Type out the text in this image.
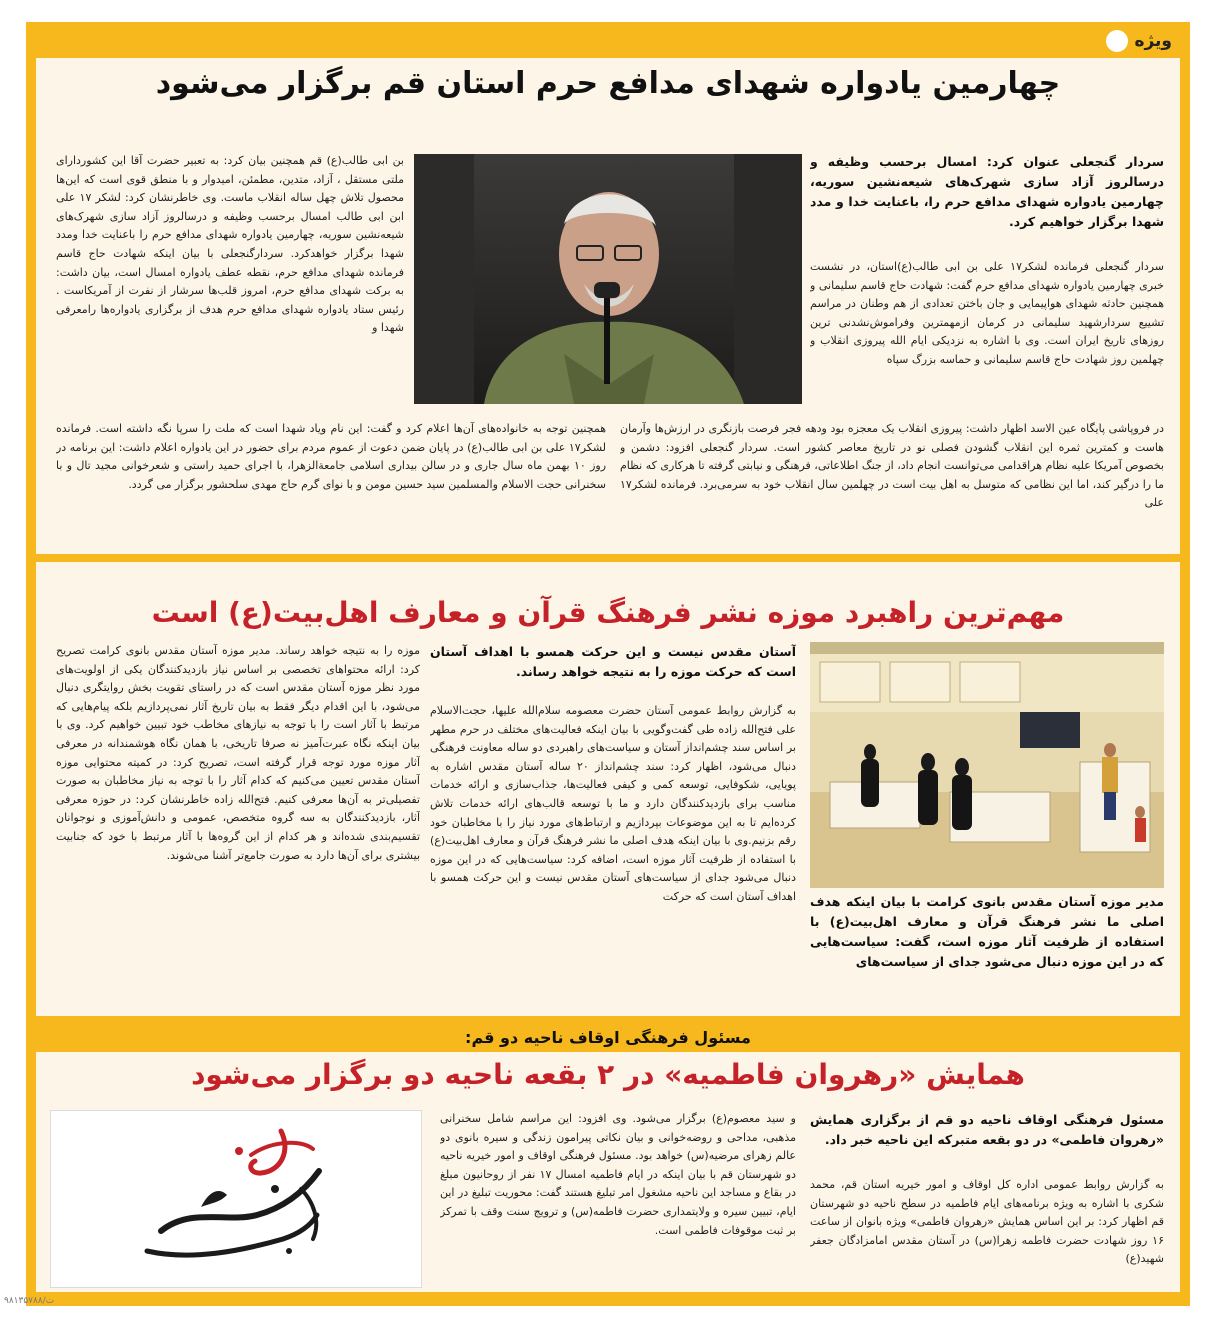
ویژه
چهارمین یادواره شهدای مدافع حرم استان قم برگزار می‌شود
سردار گنجعلی عنوان کرد: امسال برحسب وظیفه و درسالروز آزاد سازی شهرک‌های شیعه‌نشین سوریه، چهارمین یادواره شهدای مدافع حرم را، باعنایت خدا و مدد شهدا برگزار خواهیم کرد.
سردار گنجعلی فرمانده لشکر۱۷ علی بن ابی طالب(ع)استان، در نشست خبری چهارمین یادواره شهدای مدافع حرم گفت: شهادت حاج قاسم سلیمانی و همچنین حادثه شهدای هواپیمایی و جان باختن تعدادی از هم وطنان در مراسم تشییع سردارشهید سلیمانی در کرمان ازمهمترین وفراموش‌نشدنی ترین روزهای تاریخ ایران است. وی با اشاره به نزدیکی ایام الله پیروزی انقلاب و چهلمین روز شهادت حاج قاسم سلیمانی و حماسه بزرگ سپاه
بن ابی طالب(ع) قم همچنین بیان کرد: به تعبیر حضرت آقا این کشوردارای ملتی مستقل ، آزاد، متدین، مطمئن، امیدوار و با منطق قوی است که این‌ها محصول تلاش چهل ساله انقلاب ماست. وی خاطرنشان کرد: لشکر ۱۷ علی ابن ابی طالب امسال برحسب وظیفه و درسالروز آزاد سازی شهرک‌های شیعه‌نشین سوریه، چهارمین یادواره شهدای مدافع حرم را باعنایت خدا ومدد شهدا برگزار خواهدکرد. سردارگنجعلی با بیان اینکه شهادت حاج قاسم فرمانده شهدای مدافع حرم، نقطه عطف یادواره امسال است، بیان داشت: به برکت شهدای مدافع حرم، امروز قلب‌ها سرشار از نفرت از آمریکاست . رئیس ستاد یادواره شهدای مدافع حرم هدف از برگزاری یادواره‌ها رامعرفی شهدا و
در فروپاشی پایگاه عین الاسد اظهار داشت: پیروزی انقلاب یک معجزه بود ودهه فجر فرصت بازنگری در ارزش‌ها وآرمان هاست و کمترین ثمره این انقلاب گشودن فصلی نو در تاریخ معاصر کشور است. سردار گنجعلی افزود: دشمن و بخصوص آمریکا علیه نظام هراقدامی می‌توانست انجام داد، از جنگ اطلاعاتی، فرهنگی و نیابتی گرفته تا هرکاری که نظام ما را درگیر کند، اما این نظامی که متوسل به اهل بیت است در چهلمین سال انقلاب خود به سرمی‌برد. فرمانده لشکر۱۷ علی
همچنین توجه به خانواده‌های آن‌ها اعلام کرد و گفت: این نام ویاد شهدا است که ملت را سرپا نگه داشته است. فرمانده لشکر۱۷ علی بن ابی طالب(ع) در پایان ضمن دعوت از عموم مردم برای حضور در این یادواره اعلام داشت: این برنامه در روز ۱۰ بهمن ماه سال جاری و در سالن بیداری اسلامی جامعةالزهرا، با اجرای حمید راستی و شعرخوانی مجید تال و با سخنرانی حجت الاسلام والمسلمین سید حسین مومن و با نوای گرم حاج مهدی سلحشور برگزار می گردد.
مهم‌ترین راهبرد موزه نشر فرهنگ قرآن و معارف اهل‌بیت(ع) است
مدیر موزه آستان مقدس بانوی کرامت با بیان اینکه هدف اصلی ما نشر فرهنگ قرآن و معارف اهل‌بیت(ع) با استفاده از ظرفیت آثار موزه است، گفت: سیاست‌هایی که در این موزه دنبال می‌شود جدای از سیاست‌های
آستان مقدس نیست و این حرکت همسو با اهداف آستان است که حرکت موزه را به نتیجه خواهد رساند.
به گزارش روابط عمومی آستان حضرت معصومه سلام‌الله علیها، حجت‌الاسلام علی فتح‌الله زاده طی گفت‌وگویی با بیان اینکه فعالیت‌های مختلف در حرم مطهر بر اساس سند چشم‌انداز آستان و سیاست‌های راهبردی دو ساله معاونت فرهنگی دنبال می‌شود، اظهار کرد: سند چشم‌انداز ۲۰ ساله آستان مقدس اشاره به پویایی، شکوفایی، توسعه کمی و کیفی فعالیت‌ها، جذاب‌سازی و ارائه خدمات مناسب برای بازدیدکنندگان دارد و ما با توسعه قالب‌های ارائه خدمات تلاش کرده‌ایم تا به این موضوعات بپردازیم و ارتباط‌های مورد نیاز را با مخاطبان خود رقم بزنیم.وی با بیان اینکه هدف اصلی ما نشر فرهنگ قرآن و معارف اهل‌بیت(ع) با استفاده از ظرفیت آثار موزه است، اضافه کرد: سیاست‌هایی که در این موزه دنبال می‌شود جدای از سیاست‌های آستان مقدس نیست و این حرکت همسو با اهداف آستان است که حرکت
موزه را به نتیجه خواهد رساند. مدیر موزه آستان مقدس بانوی کرامت تصریح کرد: ارائه محتواهای تخصصی بر اساس نیاز بازدیدکنندگان یکی از اولویت‌های مورد نظر موزه آستان مقدس است که در راستای تقویت بخش روایتگری دنبال می‌شود، با این اقدام دیگر فقط به بیان تاریخ آثار نمی‌پردازیم بلکه پیام‌هایی که مرتبط با آثار است را با توجه به نیازهای مخاطب خود تبیین خواهیم کرد. وی با بیان اینکه نگاه عبرت‌آمیز نه صرفا تاریخی، با همان نگاه هوشمندانه در معرفی آثار موزه مورد توجه قرار گرفته است، تصریح کرد: در کمیته محتوایی موزه آستان مقدس تعیین می‌کنیم که کدام آثار را با توجه به نیاز مخاطبان به صورت تفصیلی‌تر به آن‌ها معرفی کنیم. فتح‌الله زاده خاطرنشان کرد: در حوزه معرفی آثار، بازدیدکنندگان به سه گروه متخصص، عمومی و دانش‌آموزی و نوجوانان تقسیم‌بندی شده‌اند و هر کدام از این گروه‌ها با آثار مرتبط با خود که جنابیت بیشتری برای آن‌ها دارد به صورت جامع‌تر آشنا می‌شوند.
مسئول فرهنگی اوقاف ناحیه دو قم:
همایش «رهروان فاطمیه» در ۲ بقعه ناحیه دو برگزار می‌شود
مسئول فرهنگی اوقاف ناحیه دو قم از برگزاری همایش «رهروان فاطمی» در دو بقعه متبرکه این ناحیه خبر داد.
به گزارش روابط عمومی اداره کل اوقاف و امور خیریه استان قم، محمد شکری با اشاره به ویژه برنامه‌های ایام فاطمیه در سطح ناحیه دو شهرستان قم اظهار کرد: بر این اساس همایش «رهروان فاطمی» ویژه بانوان از ساعت ۱۶ روز شهادت حضرت فاطمه زهرا(س) در آستان مقدس امامزادگان جعفر شهید(ع)
و سید معصوم(ع) برگزار می‌شود. وی افزود: این مراسم شامل سخنرانی مذهبی، مداحی و روضه‌خوانی و بیان نکاتی پیرامون زندگی و سیره بانوی دو عالم زهرای مرضیه(س) خواهد بود. مسئول فرهنگی اوقاف و امور خیریه ناحیه دو شهرستان قم با بیان اینکه در ایام فاطمیه امسال ۱۷ نفر از روحانیون مبلغ در بقاع و مساجد این ناحیه مشغول امر تبلیغ هستند گفت: محوریت تبلیغ در این ایام، تبیین سیره و ولایتمداری حضرت فاطمه(س) و ترویج سنت وقف با تمرکز بر ثبت موقوفات فاطمی است.
۹۸۱۳۵۷۸۸/ت
